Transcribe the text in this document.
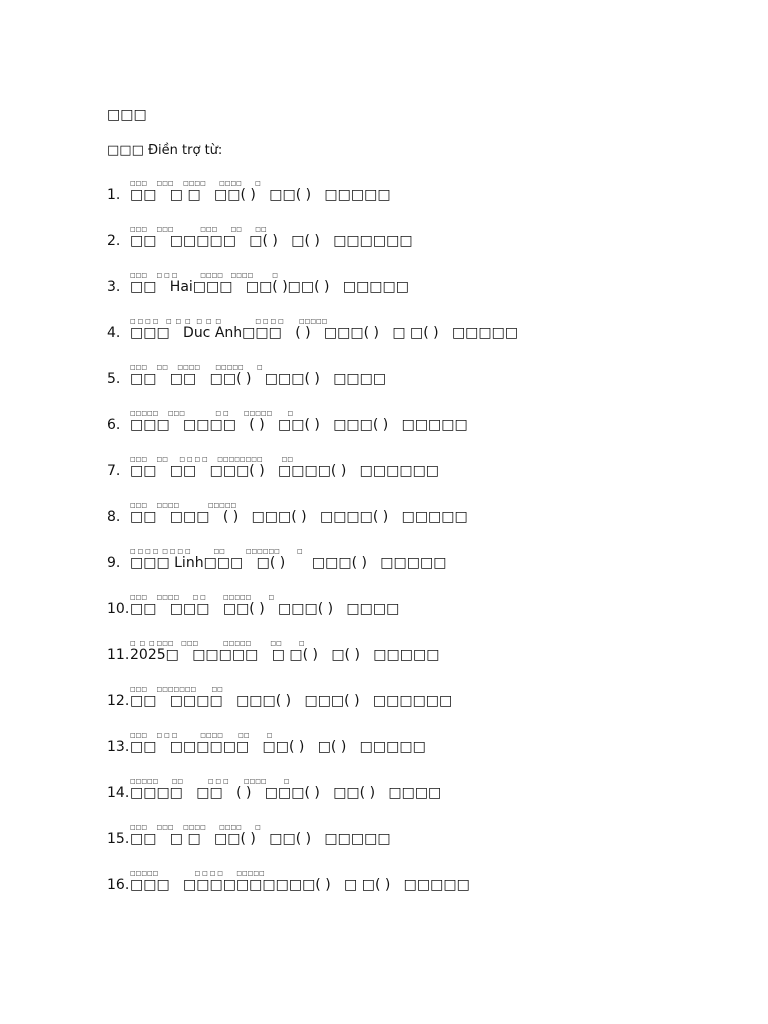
□□□
□□□ Điền trợ từ:
□□□     □□□     □□□□       □□□□       □
1. □□   □ □   □□( )   □□( )   □□□□□
□□□     □□□              □□□       □□       □□
2. □□   □□□□□   □( )   □( )   □□□□□□
□□□     □ □ □            □□□□    □□□□          □
3. □□   Hai□□□   □□( )□□( )   □□□□□
□ □ □ □    □  □  □   □  □  □                  □ □ □ □        □□□□□
4. □□□   Duc Anh□□□   ( )   □□□( )   □ □( )   □□□□□
□□□     □□     □□□□        □□□□□       □
5. □□   □□   □□( )   □□□( )   □□□□
□□□□□     □□□                □ □        □□□□□        □
6. □□□   □□□□   ( )   □□( )   □□□( )   □□□□□
□□□     □□      □ □ □ □     □□□□□□□□          □□
7. □□   □□   □□□( )   □□□□( )   □□□□□□
□□□     □□□□               □□□□□
8. □□   □□□   ( )   □□□( )   □□□□( )   □□□□□
□ □ □ □  □ □ □ □            □□           □□□□□□         □
9. □□□ Linh□□□   □( )      □□□( )   □□□□□
□□□     □□□□       □ □         □□□□□         □
10.□□   □□□   □□( )   □□□( )   □□□□
□  □  □ □□□    □□□             □□□□□          □□         □
11.2025□   □□□□□   □ □( )   □( )   □□□□□
□□□     □□□□□□□        □□
12.□□   □□□□   □□□( )   □□□( )   □□□□□□
□□□     □ □ □            □□□□        □□         □
13.□□   □□□□□□   □□( )   □( )   □□□□□
□□□□□       □□             □ □ □        □□□□         □
14.□□□□   □□   ( )   □□□( )   □□( )   □□□□
□□□     □□□     □□□□       □□□□       □
15.□□   □ □   □□( )   □□( )   □□□□□
□□□□□                   □ □ □ □       □□□□□
16.□□□   □□□□□□□□□□( )   □ □( )   □□□□□
